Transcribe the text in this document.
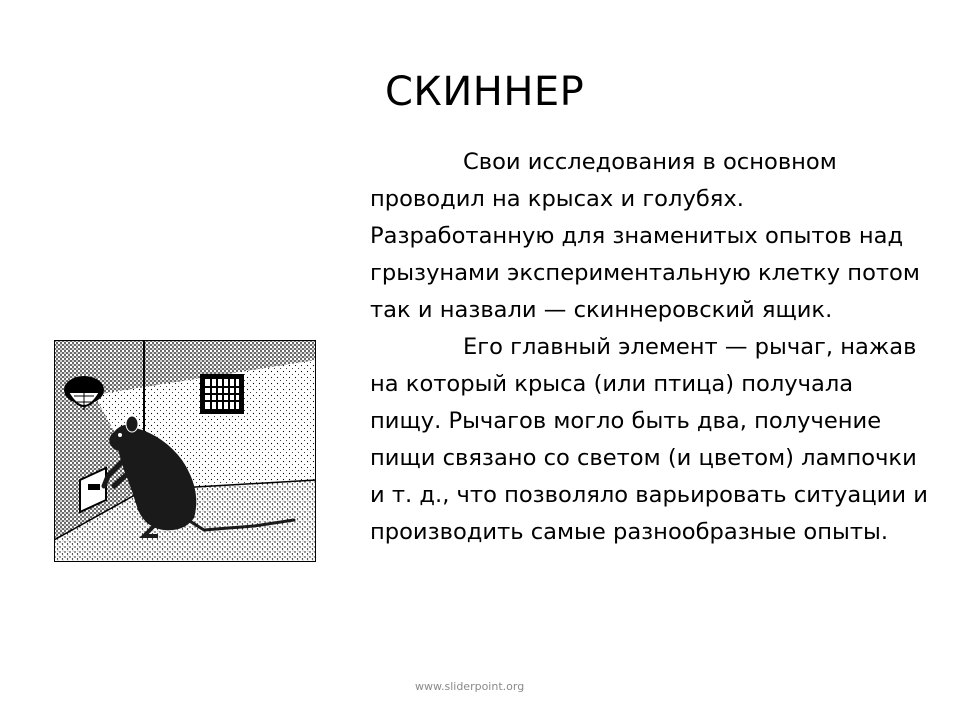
СКИННЕР

Свои исследования в основном проводил на крысах и голубях. Разработанную для знаменитых опытов над грызунами экспериментальную клетку потом так и назвали — скиннеровский ящик.

Его главный элемент — рычаг, нажав на который крыса (или птица) получала пищу. Рычагов могло быть два, получение пищи связано со светом (и цветом) лампочки и т. д., что позволяло варьировать ситуации и производить самые разнообразные опыты.

www.sliderpoint.org
